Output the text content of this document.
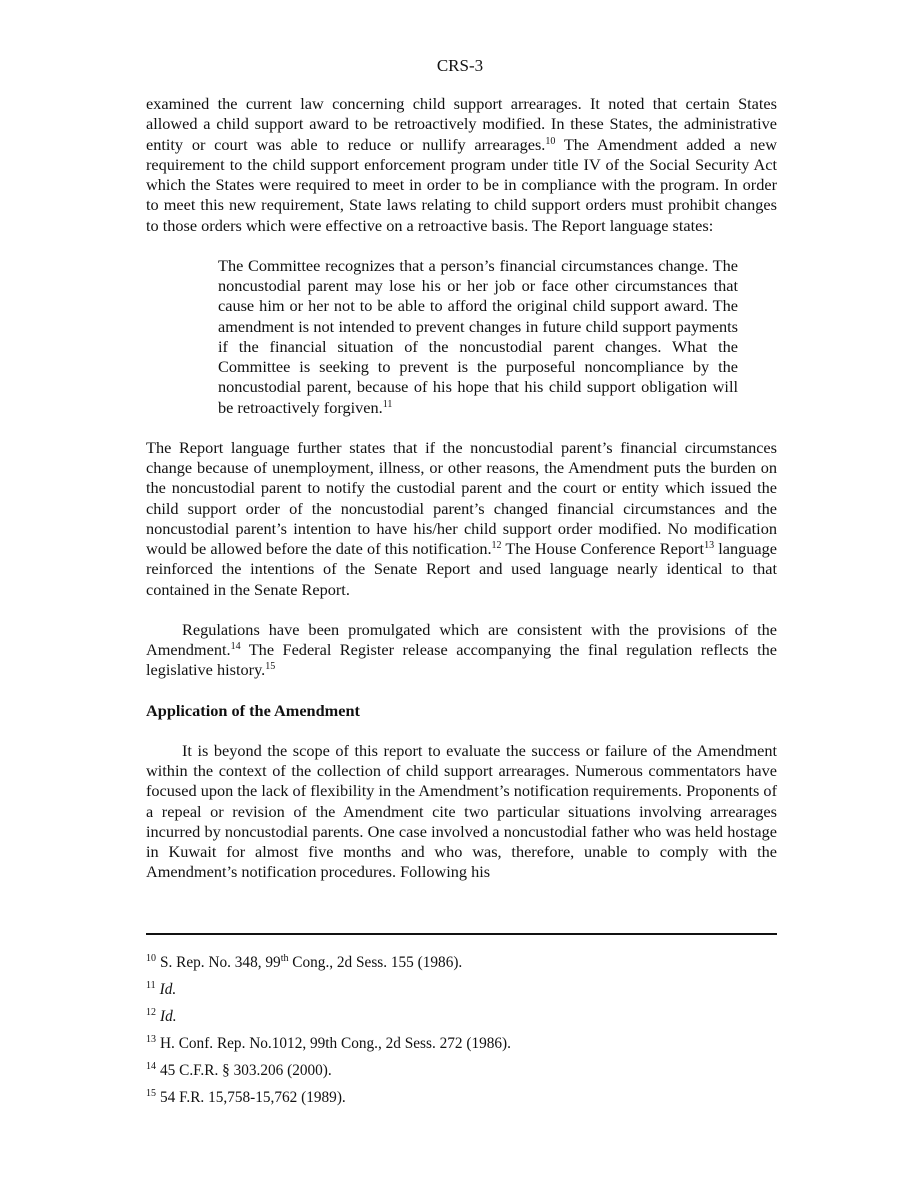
CRS-3

examined the current law concerning child support arrearages. It noted that certain States allowed a child support award to be retroactively modified. In these States, the administrative entity or court was able to reduce or nullify arrearages.$^{10}$ The Amendment added a new requirement to the child support enforcement program under title IV of the Social Security Act which the States were required to meet in order to be in compliance with the program. In order to meet this new requirement, State laws relating to child support orders must prohibit changes to those orders which were effective on a retroactive basis. The Report language states:

The Committee recognizes that a person’s financial circumstances change. The noncustodial parent may lose his or her job or face other circumstances that cause him or her not to be able to afford the original child support award. The amendment is not intended to prevent changes in future child support payments if the financial situation of the noncustodial parent changes. What the Committee is seeking to prevent is the purposeful noncompliance by the noncustodial parent, because of his hope that his child support obligation will be retroactively forgiven.$^{11}$

The Report language further states that if the noncustodial parent’s financial circumstances change because of unemployment, illness, or other reasons, the Amendment puts the burden on the noncustodial parent to notify the custodial parent and the court or entity which issued the child support order of the noncustodial parent’s changed financial circumstances and the noncustodial parent’s intention to have his/her child support order modified. No modification would be allowed before the date of this notification.$^{12}$ The House Conference Report$^{13}$ language reinforced the intentions of the Senate Report and used language nearly identical to that contained in the Senate Report.

Regulations have been promulgated which are consistent with the provisions of the Amendment.$^{14}$ The Federal Register release accompanying the final regulation reflects the legislative history.$^{15}$

Application of the Amendment

It is beyond the scope of this report to evaluate the success or failure of the Amendment within the context of the collection of child support arrearages. Numerous commentators have focused upon the lack of flexibility in the Amendment’s notification requirements. Proponents of a repeal or revision of the Amendment cite two particular situations involving arrearages incurred by noncustodial parents. One case involved a noncustodial father who was held hostage in Kuwait for almost five months and who was, therefore, unable to comply with the Amendment’s notification procedures. Following his

$^{10}$ S. Rep. No. 348, 99th Cong., 2d Sess. 155 (1986).

$^{11}$ Id.

$^{12}$ Id.

$^{13}$ H. Conf. Rep. No.1012, 99th Cong., 2d Sess. 272 (1986).

$^{14}$ 45 C.F.R. § 303.206 (2000).

$^{15}$ 54 F.R. 15,758-15,762 (1989).
